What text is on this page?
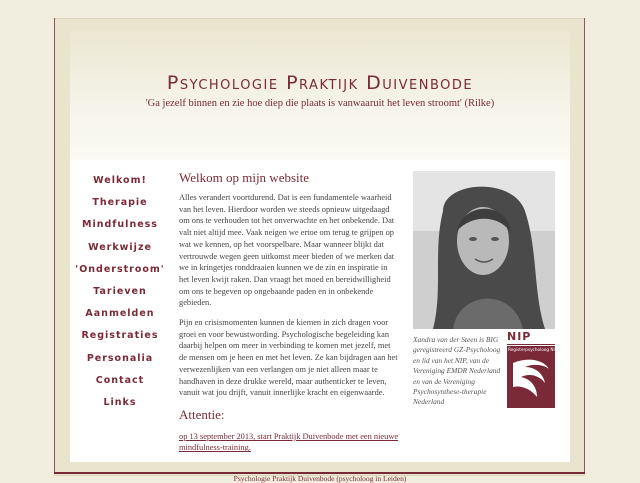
Psychologie Praktijk Duivenbode
'Ga jezelf binnen en zie hoe diep die plaats is vanwaaruit het leven stroomt' (Rilke)
Welkom!
Therapie
Mindfulness
Werkwijze
'Onderstroom'
Tarieven
Aanmelden
Registraties
Personalia
Contact
Links
Welkom op mijn website

Alles verandert voortdurend. Dat is een fundamentele waarheid van het leven. Hierdoor worden we steeds opnieuw uitgedaagd om ons te verhouden tot het onverwachte en het onbekende. Dat valt niet altijd mee. Vaak neigen we ertoe om terug te grijpen op wat we kennen, op het voorspelbare. Maar wanneer blijkt dat vertrouwde wegen geen uitkomst meer bieden of we merken dat we in kringetjes ronddraaien kunnen we de zin en inspiratie in het leven kwijt raken. Dan vraagt het moed en bereidwilligheid om ons te begeven op ongebaande paden en in onbekende gebieden.

Pijn en crisismomenten kunnen de kiemen in zich dragen voor groei en voor bewustwording. Psychologische begeleiding kan daarbij helpen om meer in verbinding te komen met jezelf, met de mensen om je heen en met het leven. Ze kan bijdragen aan het verwezenlijken van een verlangen om je niet alleen maar te handhaven in deze drukke wereld, maar authenticker te leven, vanuit wat jou drijft, vanuit innerlijke kracht en eigenwaarde.

Attentie:
op 13 september 2013, start Praktijk Duivenbode met een nieuwe mindfulness-training.
Xandra van der Steen is BIG geregistreerd GZ-Psycholoog en lid van het NIP, van de Vereniging EMDR Nederland en van de Vereniging Psychosynthese-therapie Nederland
NIP
Registerpsycholoog NIP
Psychologie Praktijk Duivenbode (psycholoog in Leiden)
